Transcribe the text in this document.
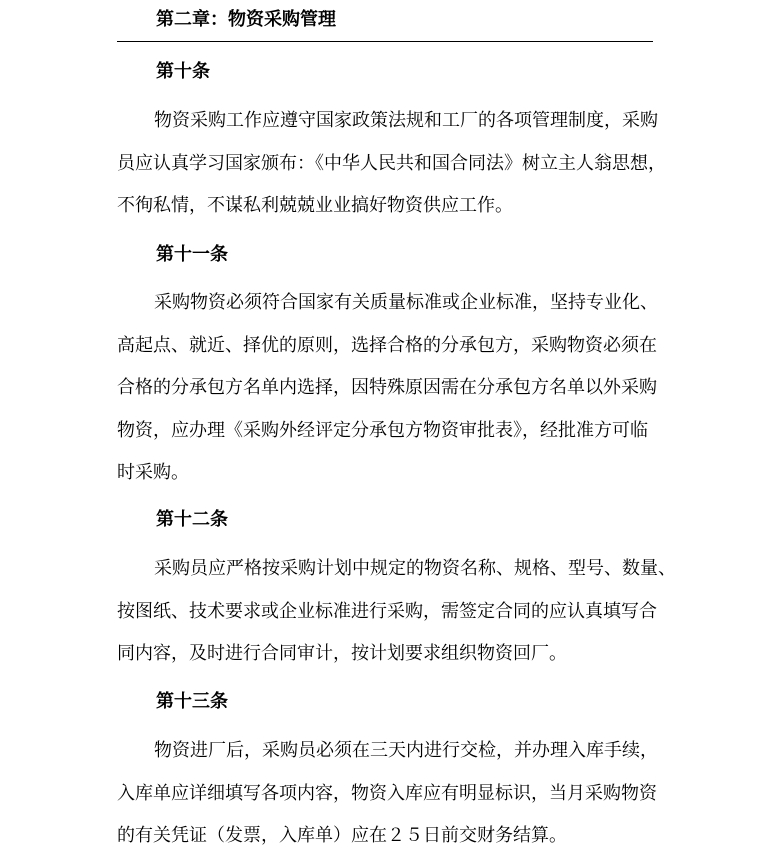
第二章：物资采购管理
第十条
物资采购工作应遵守国家政策法规和工厂的各项管理制度，采购
员应认真学习国家颁布：《中华人民共和国合同法》树立主人翁思想，
不徇私情，不谋私利兢兢业业搞好物资供应工作。
第十一条
采购物资必须符合国家有关质量标准或企业标准，坚持专业化、
高起点、就近、择优的原则，选择合格的分承包方，采购物资必须在
合格的分承包方名单内选择，因特殊原因需在分承包方名单以外采购
物资，应办理《采购外经评定分承包方物资审批表》，经批准方可临
时采购。
第十二条
采购员应严格按采购计划中规定的物资名称、规格、型号、数量、
按图纸、技术要求或企业标准进行采购，需签定合同的应认真填写合
同内容，及时进行合同审计，按计划要求组织物资回厂。
第十三条
物资进厂后，采购员必须在三天内进行交检，并办理入库手续，
入库单应详细填写各项内容，物资入库应有明显标识，当月采购物资
的有关凭证（发票，入库单）应在２５日前交财务结算。
